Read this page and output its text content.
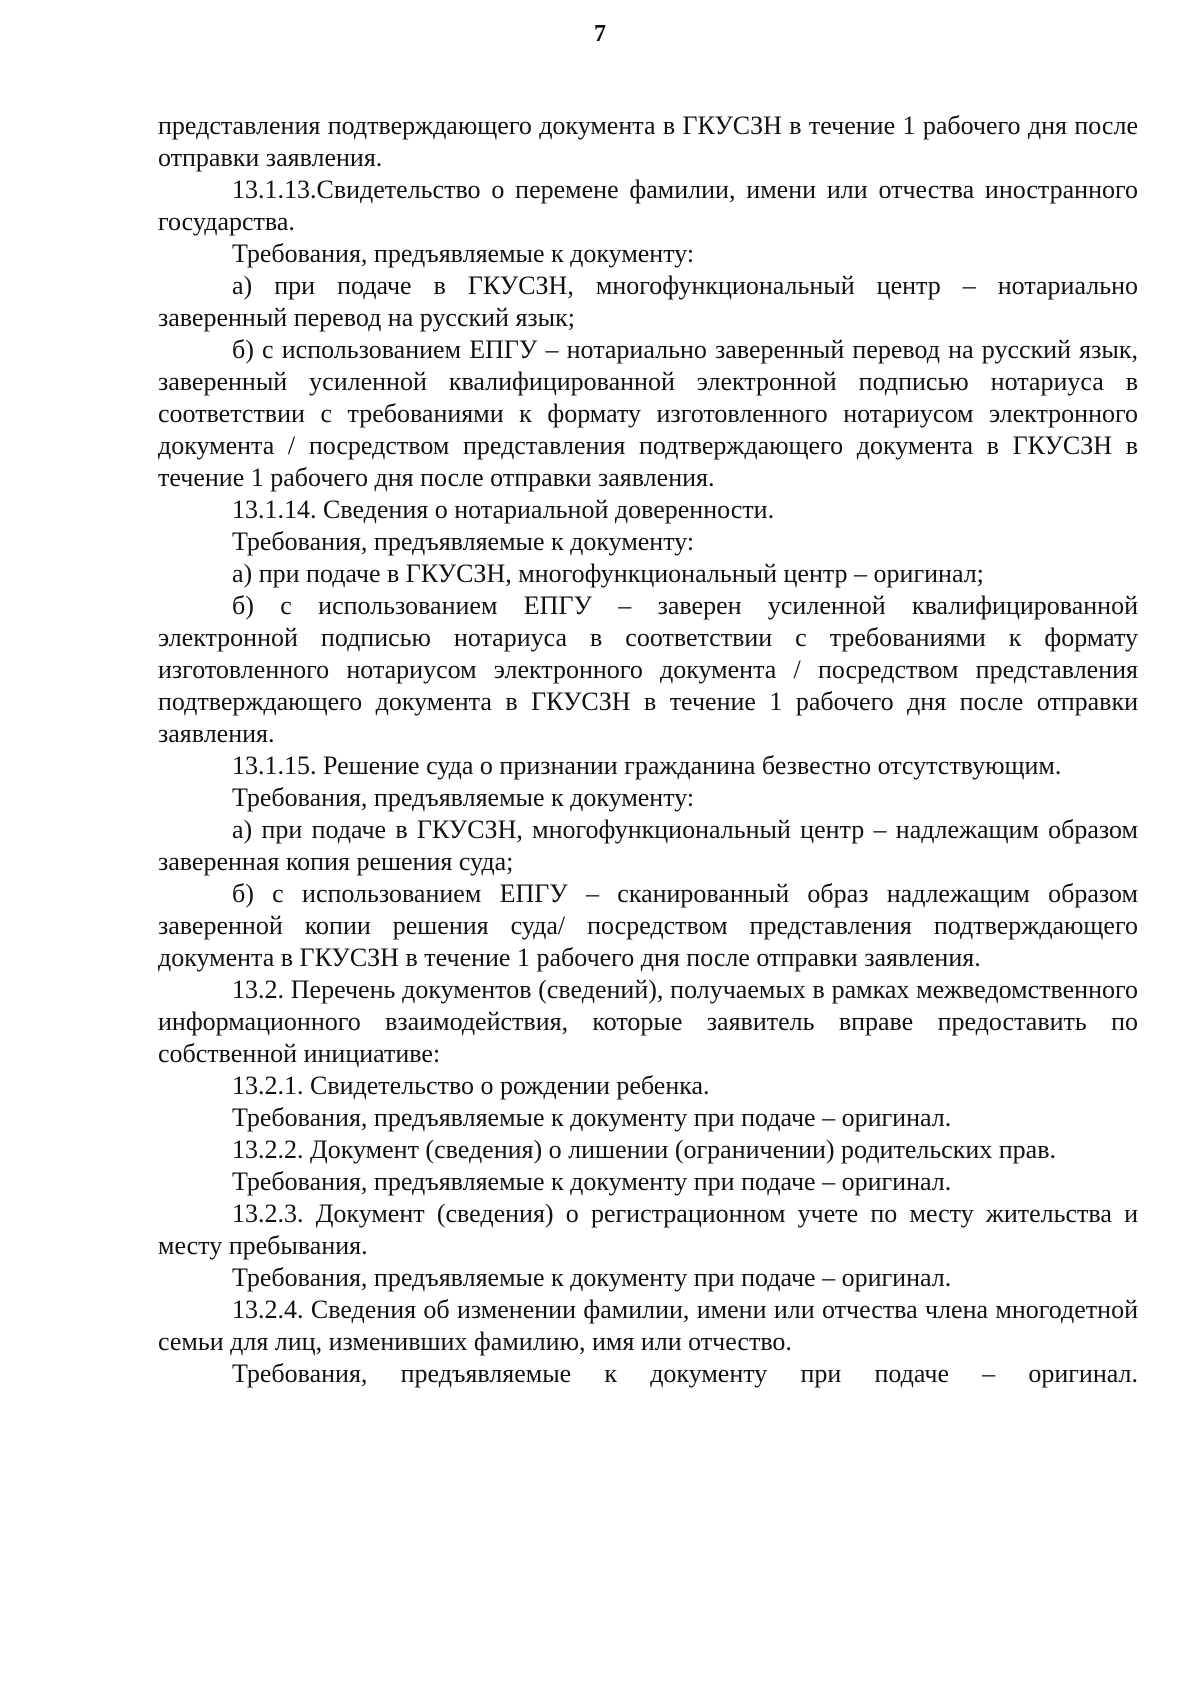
7

представления подтверждающего документа в ГКУСЗН в течение 1 рабочего дня после отправки заявления.

13.1.13.Свидетельство о перемене фамилии, имени или отчества иностранного государства.

Требования, предъявляемые к документу:

а) при подаче в ГКУСЗН, многофункциональный центр – нотариально заверенный перевод на русский язык;

б) с использованием ЕПГУ – нотариально заверенный перевод на русский язык, заверенный усиленной квалифицированной электронной подписью нотариуса в соответствии с требованиями к формату изготовленного нотариусом электронного документа / посредством представления подтверждающего документа в ГКУСЗН в течение 1 рабочего дня после отправки заявления.

13.1.14. Сведения о нотариальной доверенности.

Требования, предъявляемые к документу:

а) при подаче в ГКУСЗН, многофункциональный центр – оригинал;

б) с использованием ЕПГУ – заверен усиленной квалифицированной электронной подписью нотариуса в соответствии с требованиями к формату изготовленного нотариусом электронного документа / посредством представления подтверждающего документа в ГКУСЗН в течение 1 рабочего дня после отправки заявления.

13.1.15. Решение суда о признании гражданина безвестно отсутствующим.

Требования, предъявляемые к документу:

а) при подаче в ГКУСЗН, многофункциональный центр – надлежащим образом заверенная копия решения суда;

б) с использованием ЕПГУ – сканированный образ надлежащим образом заверенной копии решения суда/ посредством представления подтверждающего документа в ГКУСЗН в течение 1 рабочего дня после отправки заявления.

13.2. Перечень документов (сведений), получаемых в рамках межведомственного информационного взаимодействия, которые заявитель вправе предоставить по собственной инициативе:

13.2.1. Свидетельство о рождении ребенка.

Требования, предъявляемые к документу при подаче – оригинал.

13.2.2. Документ (сведения) о лишении (ограничении) родительских прав.

Требования, предъявляемые к документу при подаче – оригинал.

13.2.3. Документ (сведения) о регистрационном учете по месту жительства и месту пребывания.

Требования, предъявляемые к документу при подаче – оригинал.

13.2.4. Сведения об изменении фамилии, имени или отчества члена многодетной семьи для лиц, изменивших фамилию, имя или отчество.

Требования, предъявляемые к документу при подаче – оригинал.
